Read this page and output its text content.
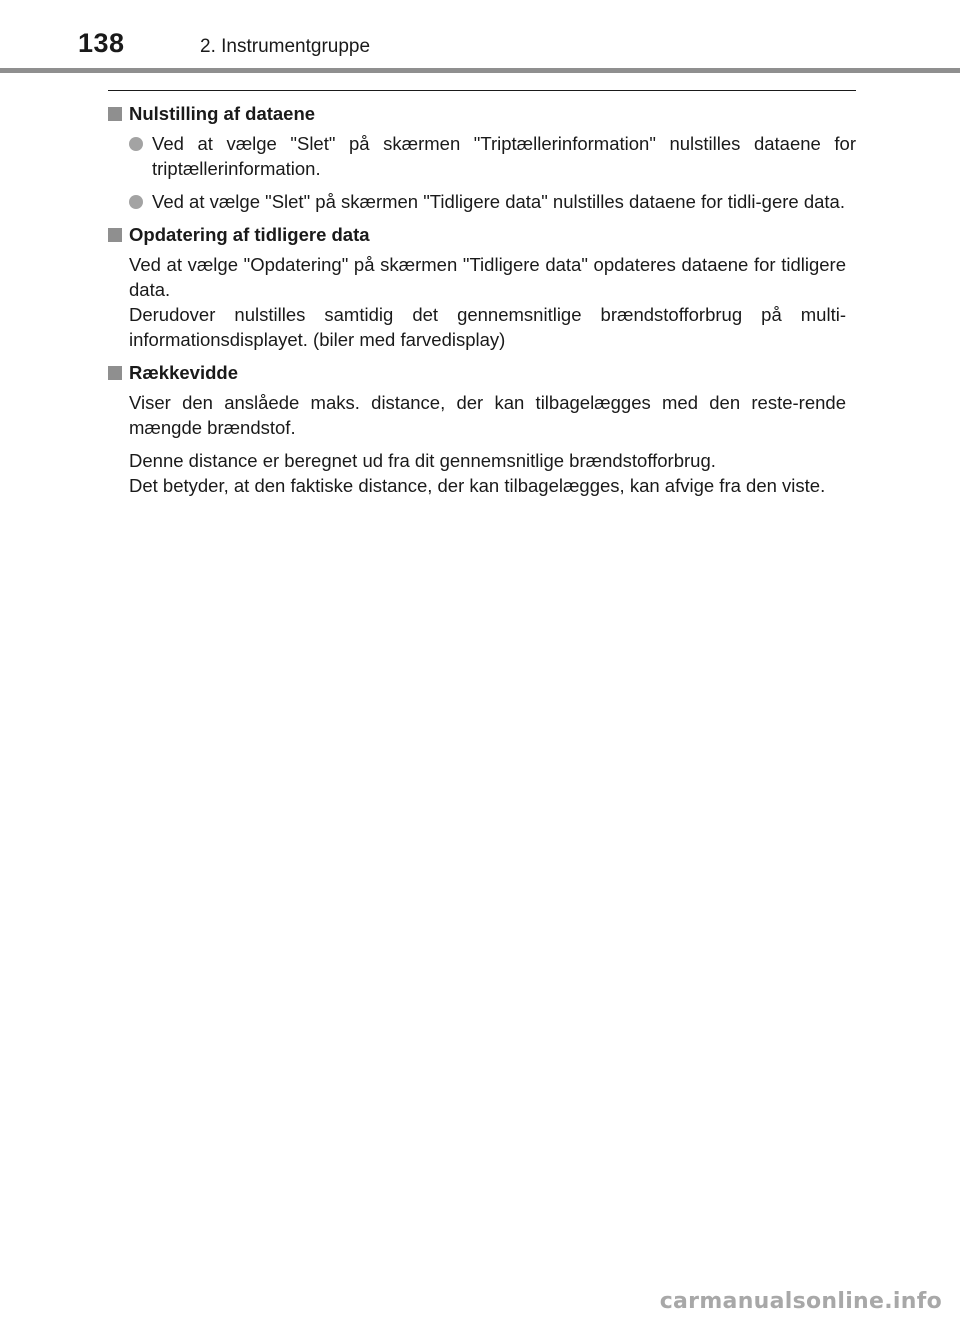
138	2. Instrumentgruppe
Nulstilling af dataene
Ved at vælge "Slet" på skærmen "Triptællerinformation" nulstilles dataene for triptællerinformation.
Ved at vælge "Slet" på skærmen "Tidligere data" nulstilles dataene for tidli-gere data.
Opdatering af tidligere data
Ved at vælge "Opdatering" på skærmen "Tidligere data" opdateres dataene for tidligere data.
Derudover nulstilles samtidig det gennemsnitlige brændstofforbrug på multi-informationsdisplayet. (biler med farvedisplay)
Rækkevidde
Viser den anslåede maks. distance, der kan tilbagelægges med den reste-rende mængde brændstof.
Denne distance er beregnet ud fra dit gennemsnitlige brændstofforbrug.
Det betyder, at den faktiske distance, der kan tilbagelægges, kan afvige fra den viste.
carmanualsonline.info
